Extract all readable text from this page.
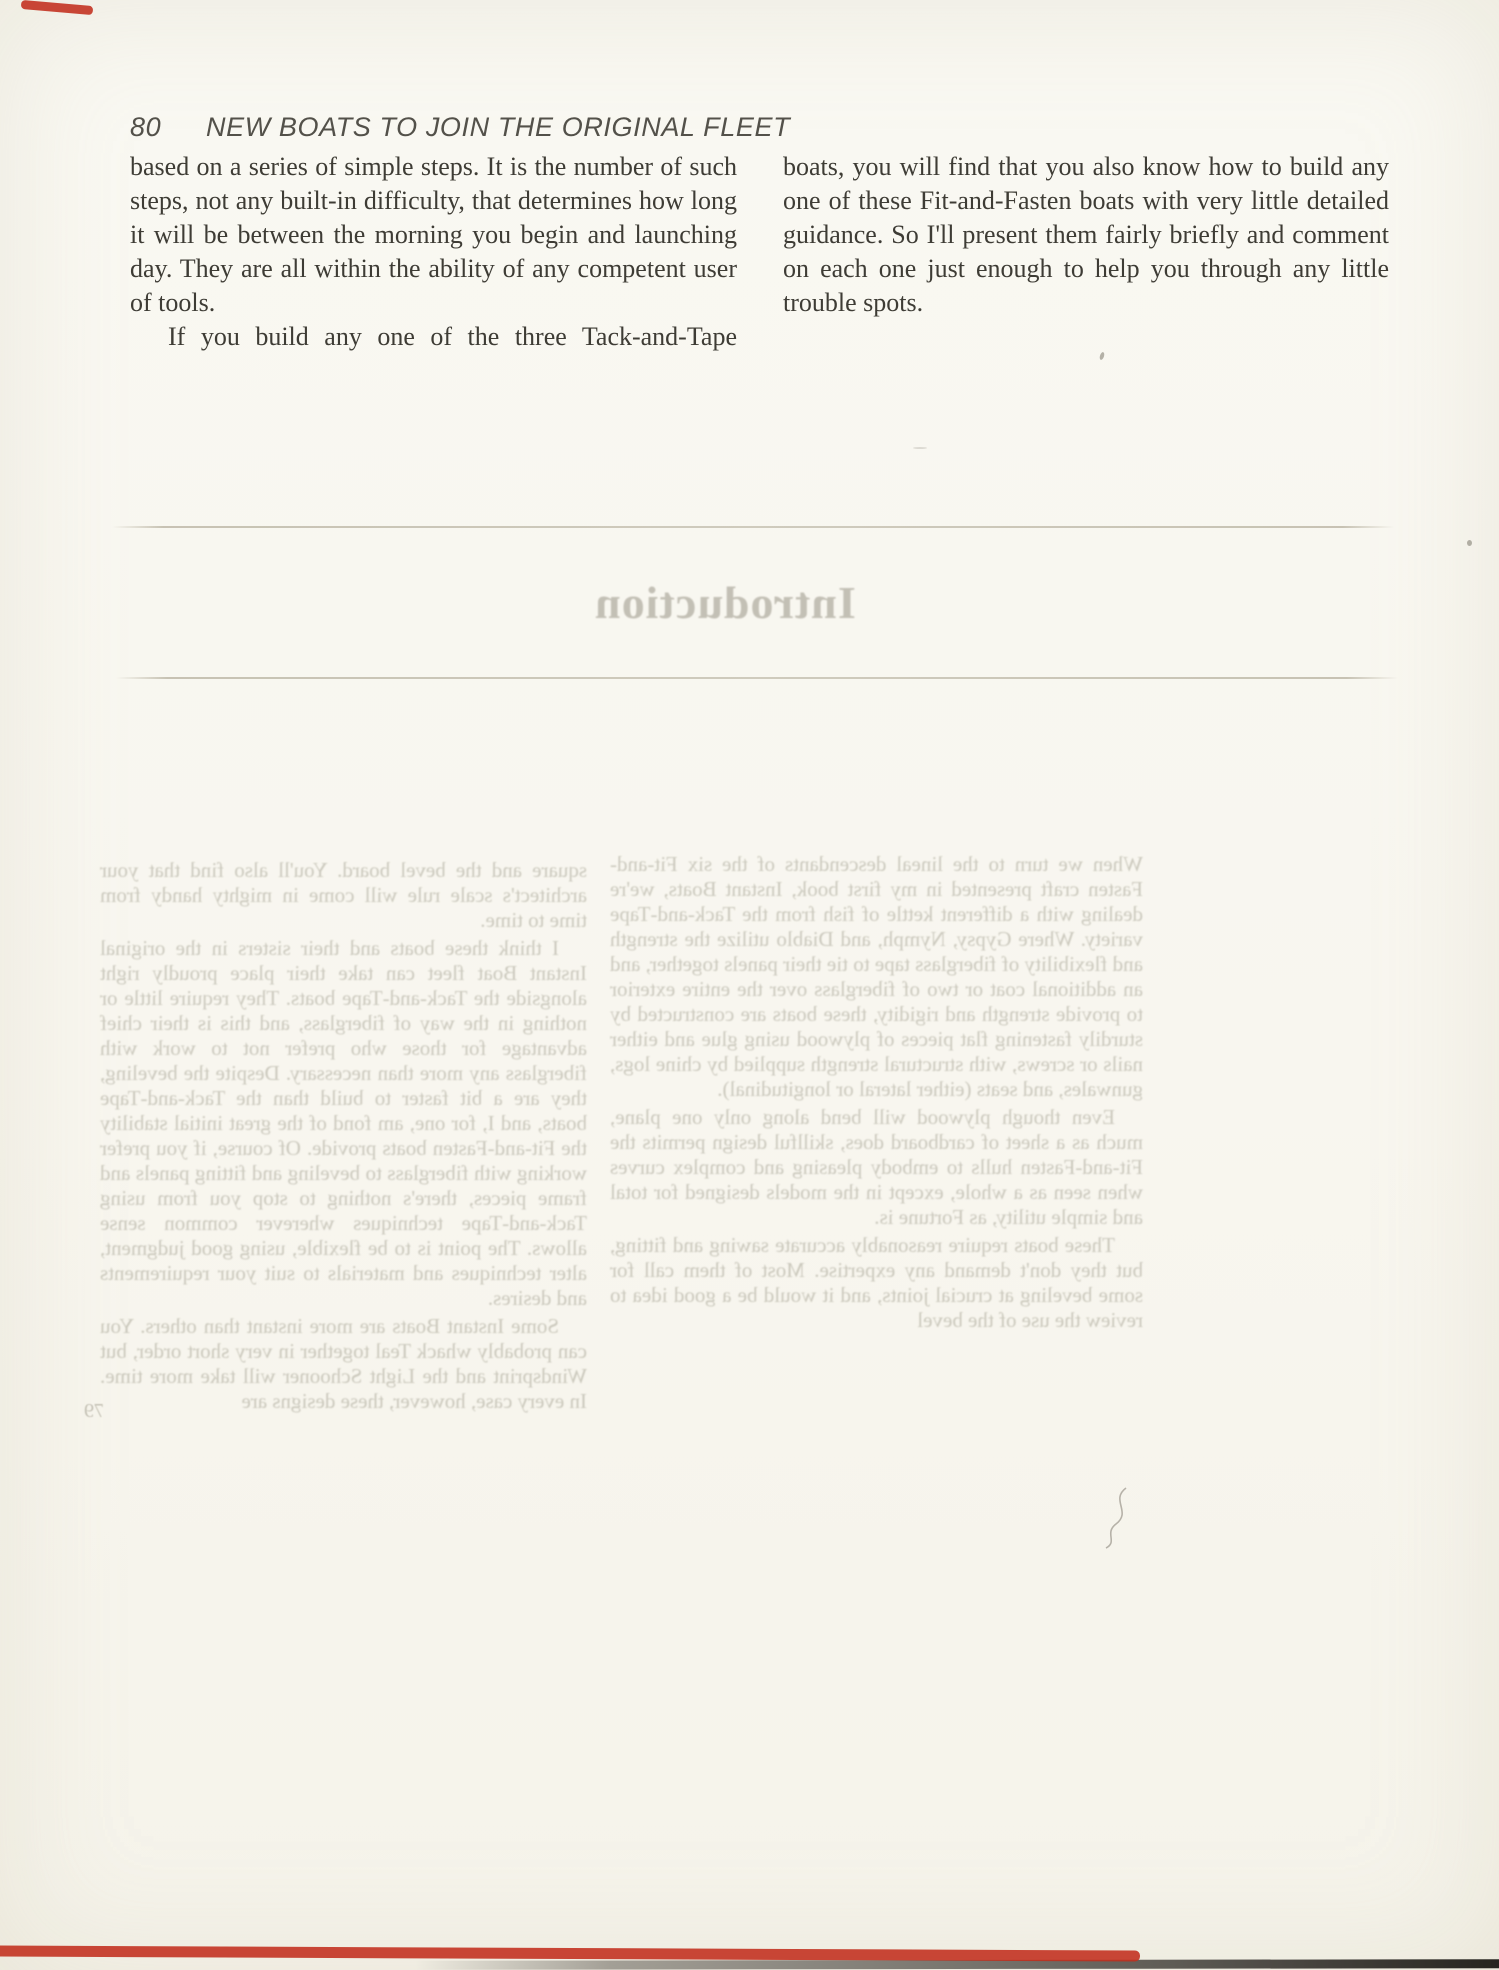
80 NEW BOATS TO JOIN THE ORIGINAL FLEET

based on a series of simple steps. It is the number of such steps, not any built-in difficulty, that determines how long it will be between the morning you begin and launching day. They are all within the ability of any competent user of tools.

If you build any one of the three Tack-and-Tape

boats, you will find that you also know how to build any one of these Fit-and-Fasten boats with very little detailed guidance. So I'll present them fairly briefly and comment on each one just enough to help you through any little trouble spots.

Introduction

square and the bevel board. You'll also find that your architect's scale rule will come in mighty handy from time to time.

I think these boats and their sisters in the original Instant Boat fleet can take their place proudly right alongside the Tack-and-Tape boats. They require little or nothing in the way of fiberglass, and this is their chief advantage for those who prefer not to work with fiberglass any more than necessary. Despite the beveling, they are a bit faster to build than the Tack-and-Tape boats, and I, for one, am fond of the great initial stability the Fit-and-Fasten boats provide. Of course, if you prefer working with fiberglass to beveling and fitting panels and frame pieces, there's nothing to stop you from using Tack-and-Tape techniques wherever common sense allows. The point is to be flexible, using good judgment, alter techniques and materials to suit your requirements and desires.

Some Instant Boats are more instant than others. You can probably whack Teal together in very short order, but Windsprint and the Light Schooner will take more time. In every case, however, these designs are

When we turn to the lineal descendants of the six Fit-and-Fasten craft presented in my first book, Instant Boats, we're dealing with a different kettle of fish from the Tack-and-Tape variety. Where Gypsy, Nymph, and Diablo utilize the strength and flexibility of fiberglass tape to tie their panels together, and an additional coat or two of fiberglass over the entire exterior to provide strength and rigidity, these boats are constructed by sturdily fastening flat pieces of plywood using glue and either nails or screws, with structural strength supplied by chine logs, gunwales, and seats (either lateral or longitudinal).

Even though plywood will bend along only one plane, much as a sheet of cardboard does, skillful design permits the Fit-and-Fasten hulls to embody pleasing and complex curves when seen as a whole, except in the models designed for total and simple utility, as Fortune is.

These boats require reasonably accurate sawing and fitting, but they don't demand any expertise. Most of them call for some beveling at crucial joints, and it would be a good idea to review the use of the bevel

79
